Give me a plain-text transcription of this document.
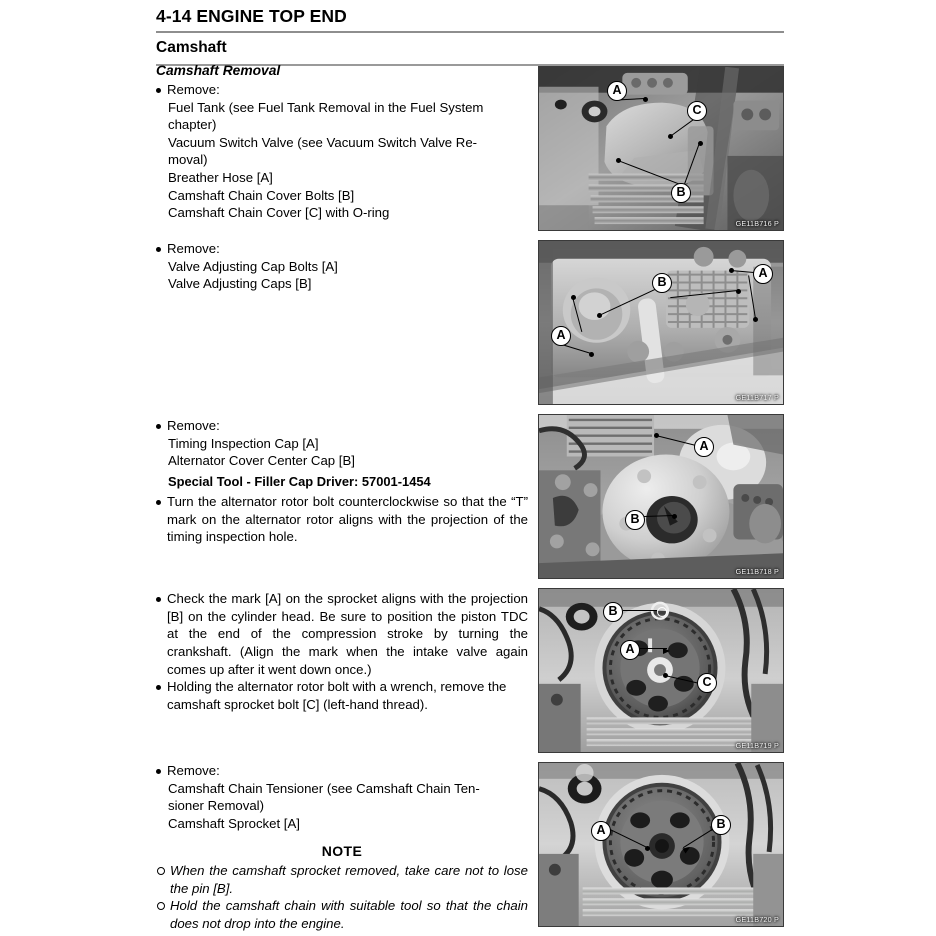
4-14 ENGINE TOP END
Camshaft
Camshaft Removal
Remove:
Fuel Tank (see Fuel Tank Removal in the Fuel System
chapter)
Vacuum Switch Valve (see Vacuum Switch Valve Re-
moval)
Breather Hose [A]
Camshaft Chain Cover Bolts [B]
Camshaft Chain Cover [C] with O-ring
Remove:
Valve Adjusting Cap Bolts [A]
Valve Adjusting Caps [B]
Remove:
Timing Inspection Cap [A]
Alternator Cover Center Cap [B]
Special Tool - Filler Cap Driver: 57001-1454

Turn the alternator rotor bolt counterclockwise so that the “T” mark on the alternator rotor aligns with the projection of the timing inspection hole.

Check the mark [A] on the sprocket aligns with the projection [B] on the cylinder head. Be sure to position the piston TDC at the end of the compression stroke by turning the crankshaft. (Align the mark when the intake valve again comes up after it went down once.)

Holding the alternator rotor bolt with a wrench, remove the camshaft sprocket bolt [C] (left-hand thread).

Remove:
Camshaft Chain Tensioner (see Camshaft Chain Ten-
sioner Removal)
Camshaft Sprocket [A]
NOTE

When the camshaft sprocket removed, take care not to lose the pin [B].

Hold the camshaft chain with suitable tool so that the chain does not drop into the engine.

A
C
B
GE11B716 P
A
B
A
GE11B717 P
A
B
GE11B718 P
B
A
C
GE11B719 P
A	B
GE11B720 P
